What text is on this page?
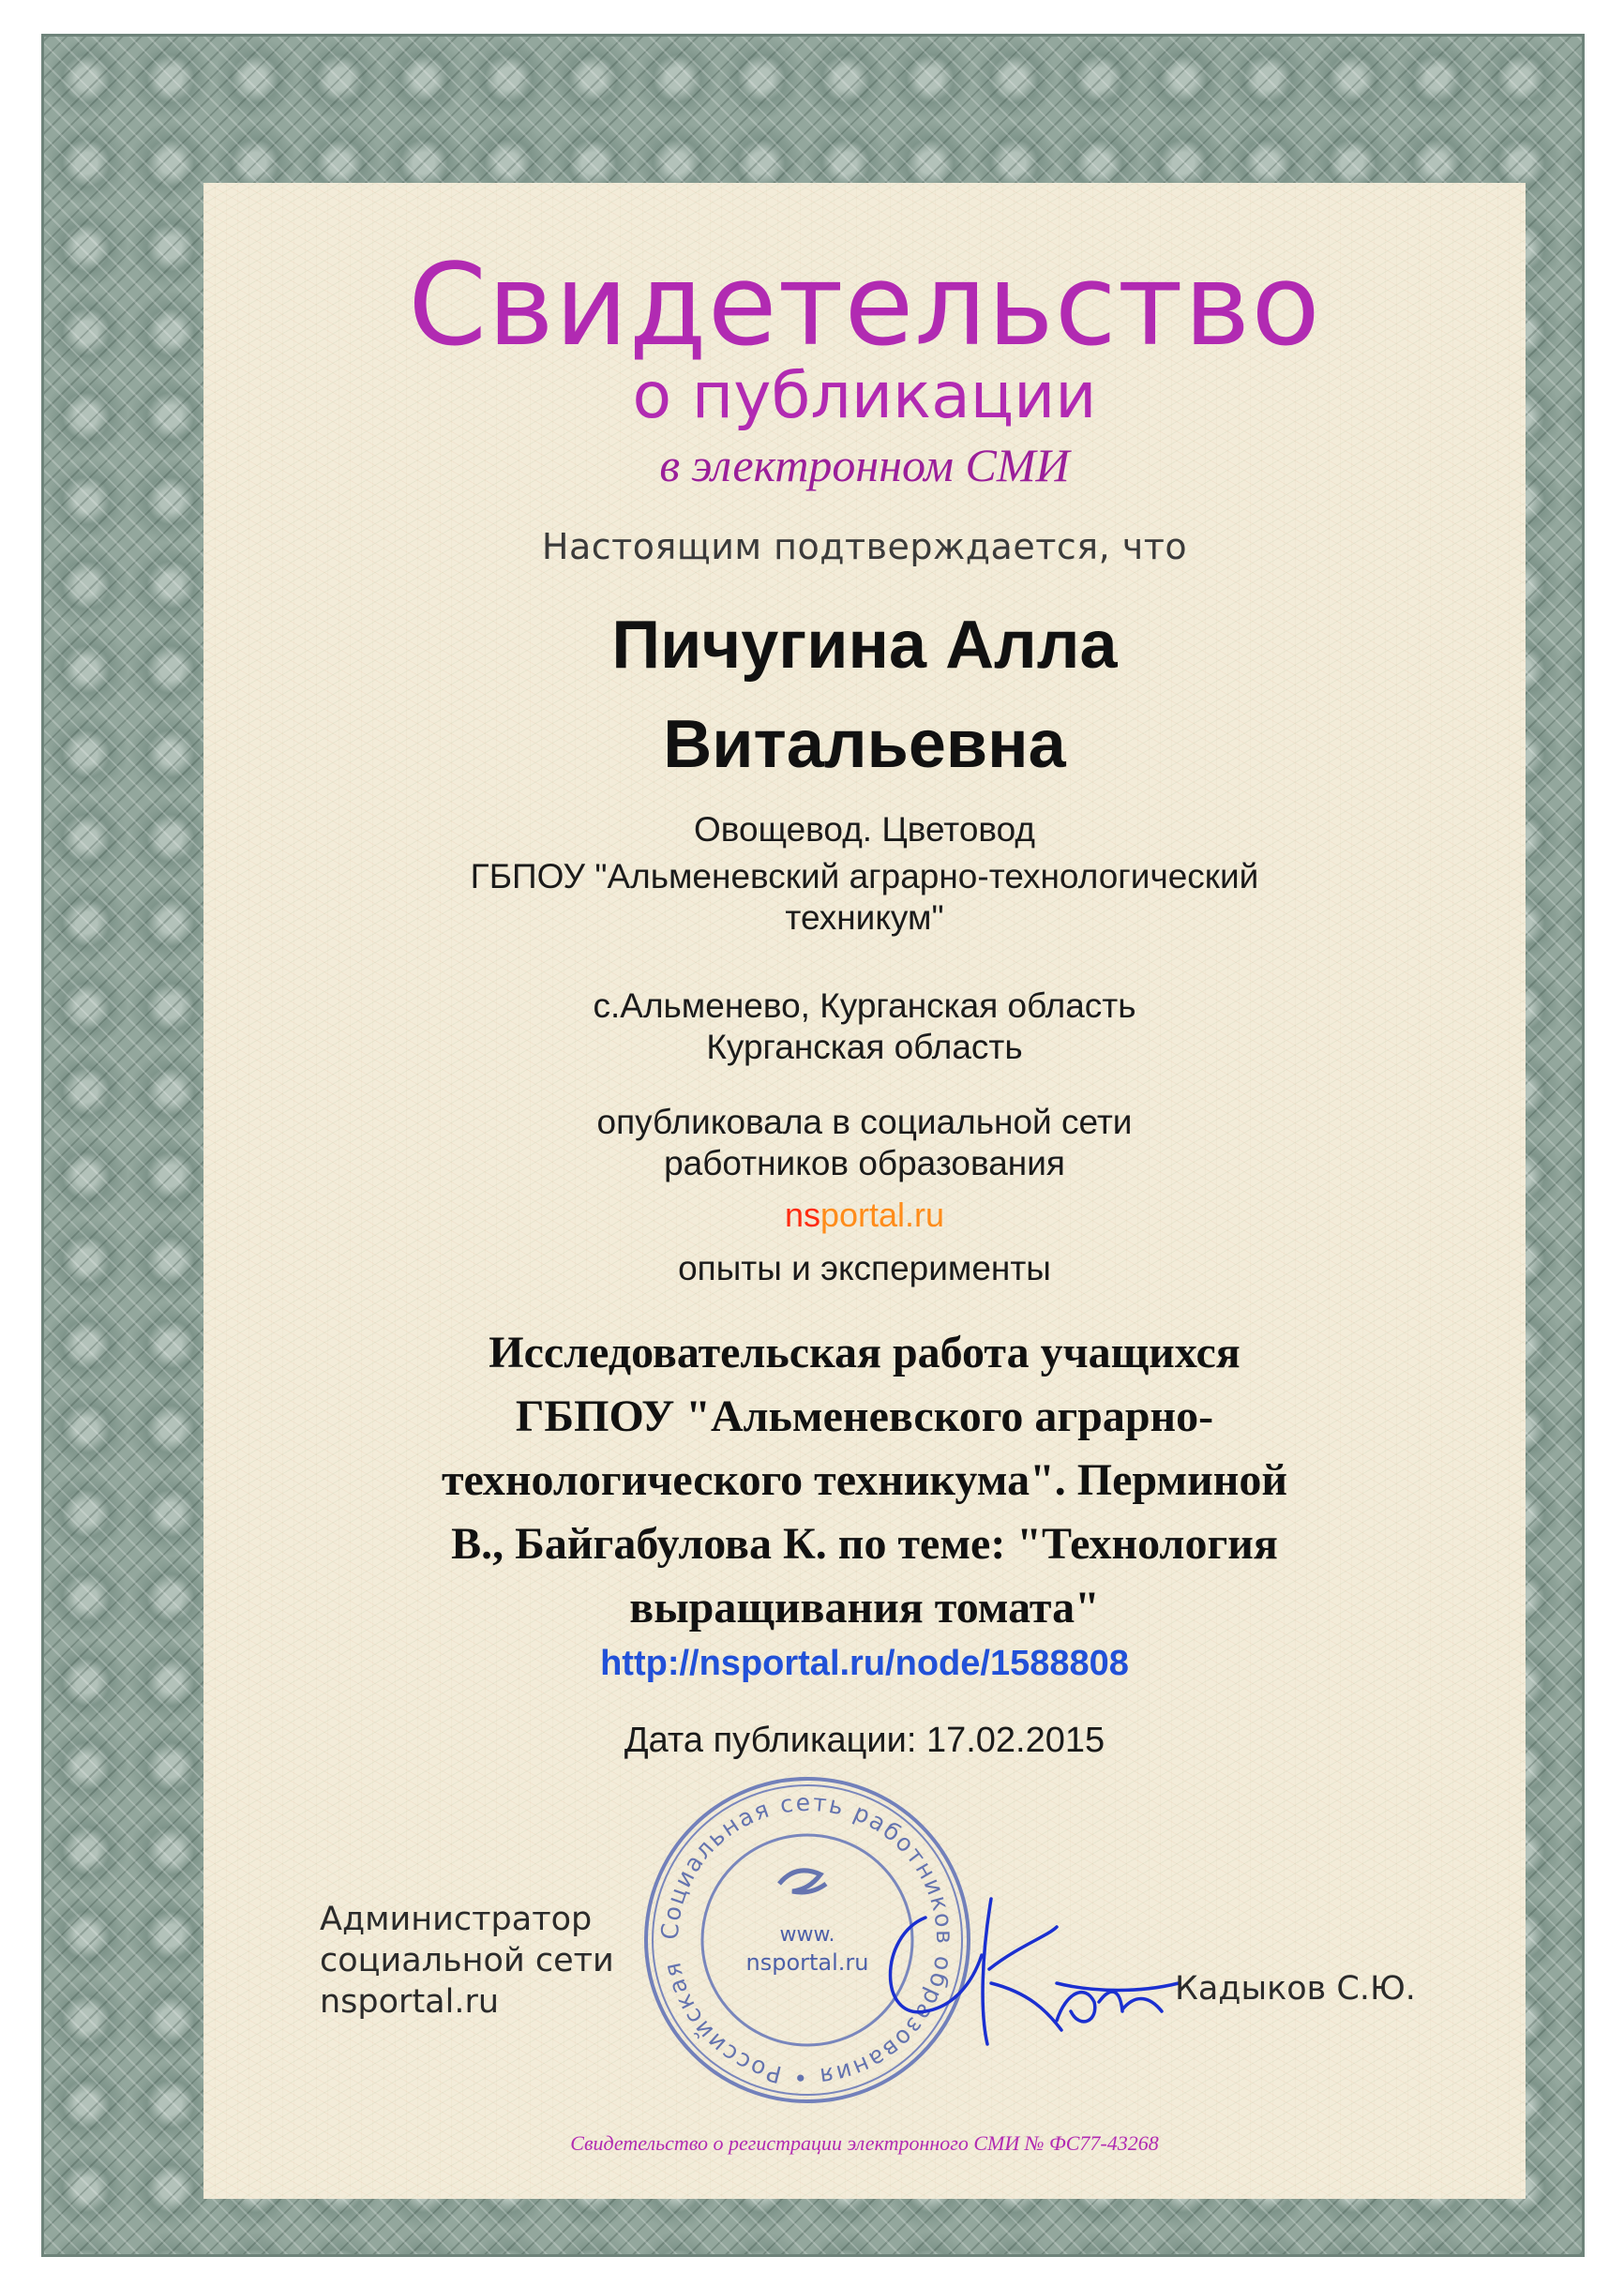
Свидетельство

о публикации

в электронном СМИ

Настоящим подтверждается, что

Пичугина Алла
Витальевна

Овощевод. Цветовод

ГБПОУ "Альменевский аграрно-технологический
техникум"
с.Альменево, Курганская область
Курганская область
опубликовала в социальной сети
работников образования

nsportal.ru

опыты и эксперименты

Исследовательская работа учащихся
ГБПОУ "Альменевского аграрно-
технологического техникума". Перминой
В., Байгабулова К. по теме: "Технология
выращивания томата"

http://nsportal.ru/node/1588808

Дата публикации: 17.02.2015

Социальная сеть работников образования • Российская
www.
nsportal.ru
Администратор
социальной сети
nsportal.ru	Кадыков С.Ю.

Свидетельство о регистрации электронного СМИ № ФС77-43268
